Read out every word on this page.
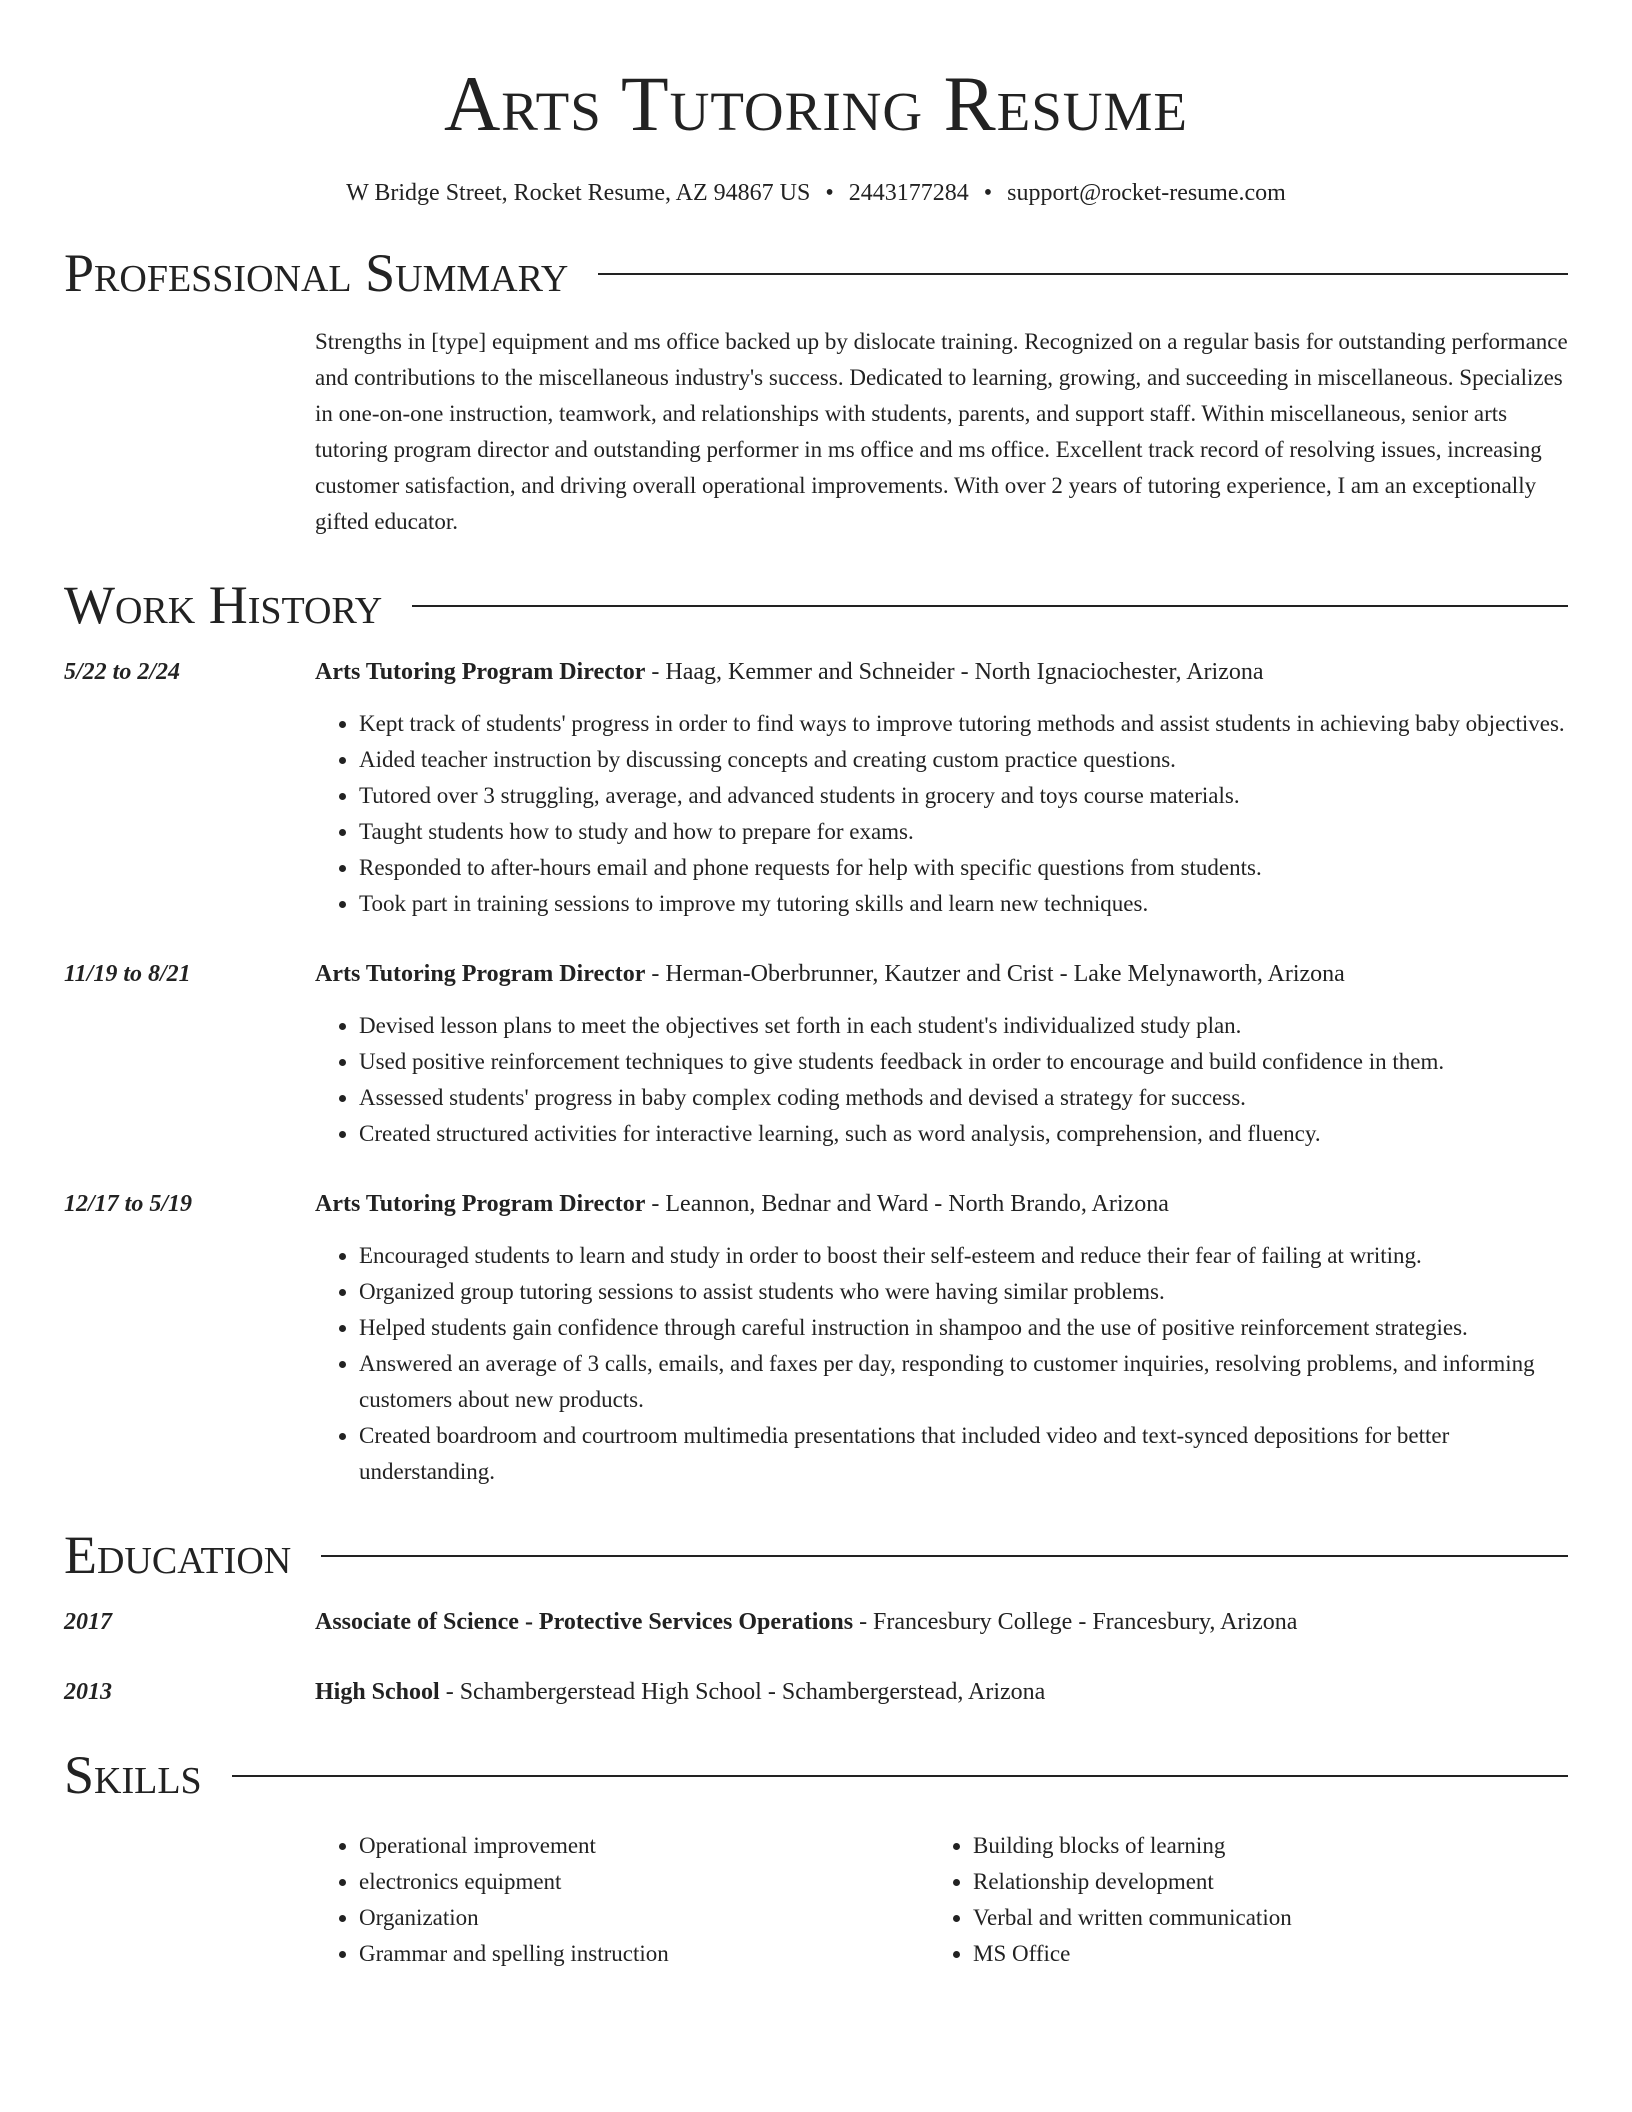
Arts Tutoring Resume
W Bridge Street, Rocket Resume, AZ 94867 US • 2443177284 • support@rocket-resume.com
Professional Summary
Strengths in [type] equipment and ms office backed up by dislocate training. Recognized on a regular basis for outstanding performance and contributions to the miscellaneous industry's success. Dedicated to learning, growing, and succeeding in miscellaneous. Specializes in one-on-one instruction, teamwork, and relationships with students, parents, and support staff. Within miscellaneous, senior arts tutoring program director and outstanding performer in ms office and ms office. Excellent track record of resolving issues, increasing customer satisfaction, and driving overall operational improvements. With over 2 years of tutoring experience, I am an exceptionally gifted educator.
Work History
5/22 to 2/24	Arts Tutoring Program Director - Haag, Kemmer and Schneider - North Ignaciochester, Arizona
• Kept track of students' progress in order to find ways to improve tutoring methods and assist students in achieving baby objectives.
• Aided teacher instruction by discussing concepts and creating custom practice questions.
• Tutored over 3 struggling, average, and advanced students in grocery and toys course materials.
• Taught students how to study and how to prepare for exams.
• Responded to after-hours email and phone requests for help with specific questions from students.
• Took part in training sessions to improve my tutoring skills and learn new techniques.
11/19 to 8/21	Arts Tutoring Program Director - Herman-Oberbrunner, Kautzer and Crist - Lake Melynaworth, Arizona
• Devised lesson plans to meet the objectives set forth in each student's individualized study plan.
• Used positive reinforcement techniques to give students feedback in order to encourage and build confidence in them.
• Assessed students' progress in baby complex coding methods and devised a strategy for success.
• Created structured activities for interactive learning, such as word analysis, comprehension, and fluency.
12/17 to 5/19	Arts Tutoring Program Director - Leannon, Bednar and Ward - North Brando, Arizona
• Encouraged students to learn and study in order to boost their self-esteem and reduce their fear of failing at writing.
• Organized group tutoring sessions to assist students who were having similar problems.
• Helped students gain confidence through careful instruction in shampoo and the use of positive reinforcement strategies.
• Answered an average of 3 calls, emails, and faxes per day, responding to customer inquiries, resolving problems, and informing customers about new products.
• Created boardroom and courtroom multimedia presentations that included video and text-synced depositions for better understanding.
Education
2017	Associate of Science - Protective Services Operations - Francesbury College - Francesbury, Arizona
2013	High School - Schambergerstead High School - Schambergerstead, Arizona
Skills
• Operational improvement
• electronics equipment
• Organization
• Grammar and spelling instruction
• Building blocks of learning
• Relationship development
• Verbal and written communication
• MS Office
